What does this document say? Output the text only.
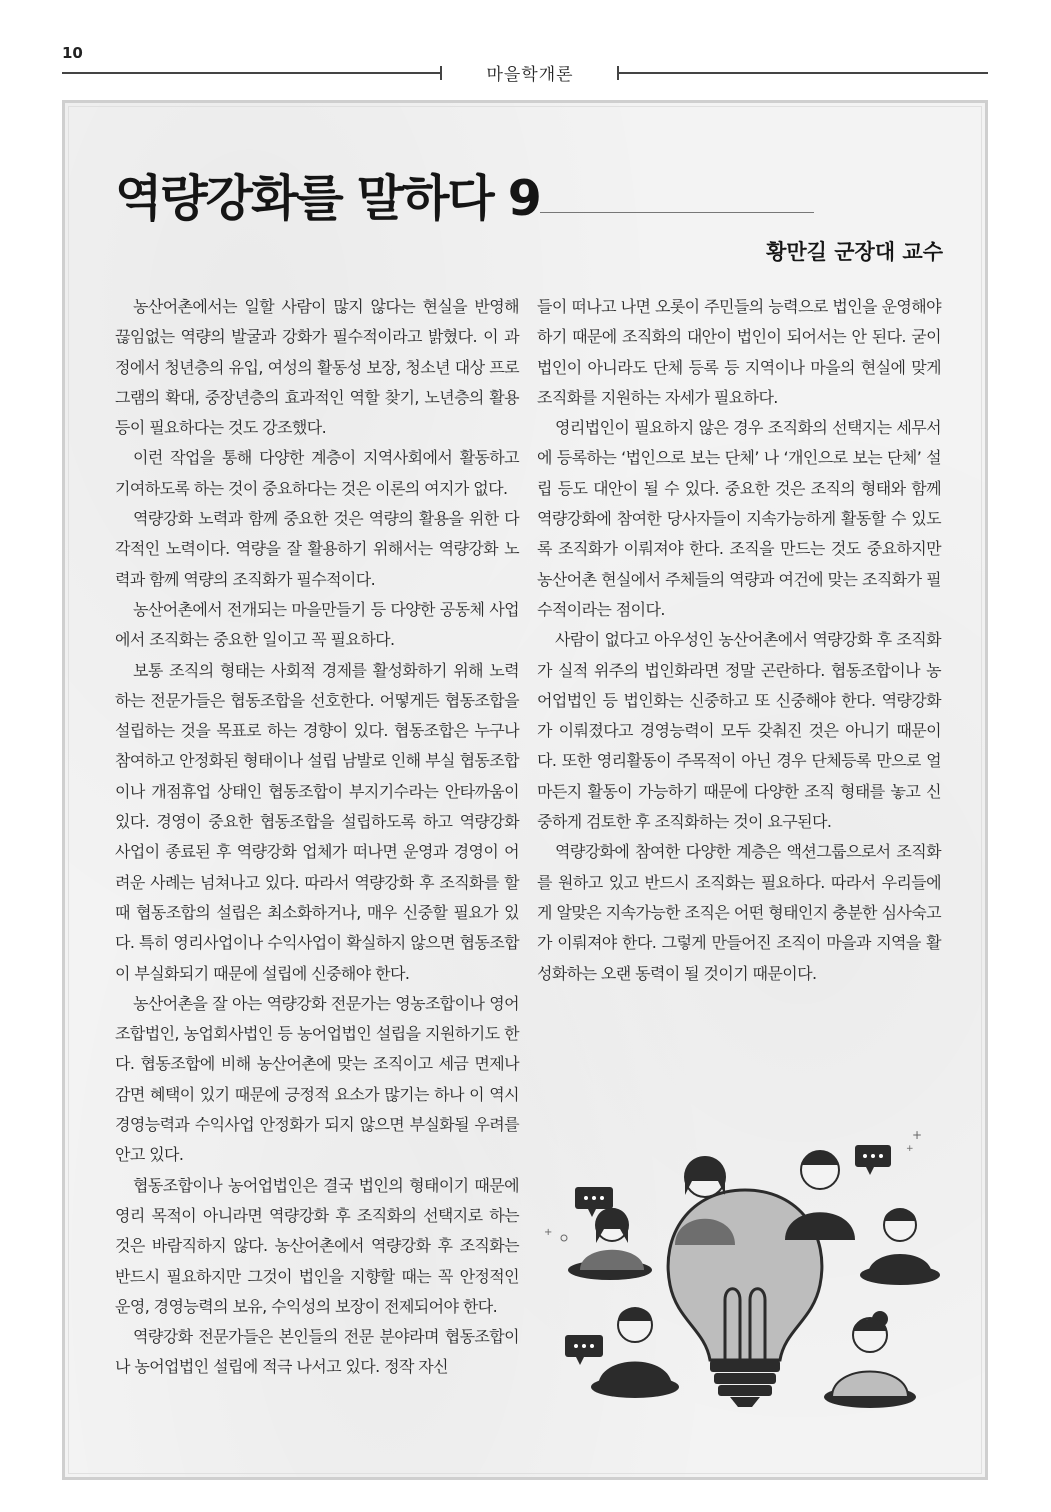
10
마을학개론
역량강화를 말하다 9
황만길 군장대 교수

농산어촌에서는 일할 사람이 많지 않다는 현실을 반영해 끊임없는 역량의 발굴과 강화가 필수적이라고 밝혔다. 이 과정에서 청년층의 유입, 여성의 활동성 보장, 청소년 대상 프로그램의 확대, 중장년층의 효과적인 역할 찾기, 노년층의 활용 등이 필요하다는 것도 강조했다.

이런 작업을 통해 다양한 계층이 지역사회에서 활동하고 기여하도록 하는 것이 중요하다는 것은 이론의 여지가 없다.

역량강화 노력과 함께 중요한 것은 역량의 활용을 위한 다각적인 노력이다. 역량을 잘 활용하기 위해서는 역량강화 노력과 함께 역량의 조직화가 필수적이다.

농산어촌에서 전개되는 마을만들기 등 다양한 공동체 사업에서 조직화는 중요한 일이고 꼭 필요하다.

보통 조직의 형태는 사회적 경제를 활성화하기 위해 노력하는 전문가들은 협동조합을 선호한다. 어떻게든 협동조합을 설립하는 것을 목표로 하는 경향이 있다. 협동조합은 누구나 참여하고 안정화된 형태이나 설립 남발로 인해 부실 협동조합이나 개점휴업 상태인 협동조합이 부지기수라는 안타까움이 있다. 경영이 중요한 협동조합을 설립하도록 하고 역량강화 사업이 종료된 후 역량강화 업체가 떠나면 운영과 경영이 어려운 사례는 넘쳐나고 있다. 따라서 역량강화 후 조직화를 할 때 협동조합의 설립은 최소화하거나, 매우 신중할 필요가 있다. 특히 영리사업이나 수익사업이 확실하지 않으면 협동조합이 부실화되기 때문에 설립에 신중해야 한다.

농산어촌을 잘 아는 역량강화 전문가는 영농조합이나 영어조합법인, 농업회사법인 등 농어업법인 설립을 지원하기도 한다. 협동조합에 비해 농산어촌에 맞는 조직이고 세금 면제나 감면 혜택이 있기 때문에 긍정적 요소가 많기는 하나 이 역시 경영능력과 수익사업 안정화가 되지 않으면 부실화될 우려를 안고 있다.

협동조합이나 농어업법인은 결국 법인의 형태이기 때문에 영리 목적이 아니라면 역량강화 후 조직화의 선택지로 하는 것은 바람직하지 않다. 농산어촌에서 역량강화 후 조직화는 반드시 필요하지만 그것이 법인을 지향할 때는 꼭 안정적인 운영, 경영능력의 보유, 수익성의 보장이 전제되어야 한다.

역량강화 전문가들은 본인들의 전문 분야라며 협동조합이나 농어업법인 설립에 적극 나서고 있다. 정작 자신

들이 떠나고 나면 오롯이 주민들의 능력으로 법인을 운영해야 하기 때문에 조직화의 대안이 법인이 되어서는 안 된다. 굳이 법인이 아니라도 단체 등록 등 지역이나 마을의 현실에 맞게 조직화를 지원하는 자세가 필요하다.

영리법인이 필요하지 않은 경우 조직화의 선택지는 세무서에 등록하는 ‘법인으로 보는 단체’ 나 ‘개인으로 보는 단체’ 설립 등도 대안이 될 수 있다. 중요한 것은 조직의 형태와 함께 역량강화에 참여한 당사자들이 지속가능하게 활동할 수 있도록 조직화가 이뤄져야 한다. 조직을 만드는 것도 중요하지만 농산어촌 현실에서 주체들의 역량과 여건에 맞는 조직화가 필수적이라는 점이다.

사람이 없다고 아우성인 농산어촌에서 역량강화 후 조직화가 실적 위주의 법인화라면 정말 곤란하다. 협동조합이나 농어업법인 등 법인화는 신중하고 또 신중해야 한다. 역량강화가 이뤄졌다고 경영능력이 모두 갖춰진 것은 아니기 때문이다. 또한 영리활동이 주목적이 아닌 경우 단체등록 만으로 얼마든지 활동이 가능하기 때문에 다양한 조직 형태를 놓고 신중하게 검토한 후 조직화하는 것이 요구된다.

역량강화에 참여한 다양한 계층은 액션그룹으로서 조직화를 원하고 있고 반드시 조직화는 필요하다. 따라서 우리들에게 알맞은 지속가능한 조직은 어떤 형태인지 충분한 심사숙고가 이뤄져야 한다. 그렇게 만들어진 조직이 마을과 지역을 활성화하는 오랜 동력이 될 것이기 때문이다.

+
+
+
